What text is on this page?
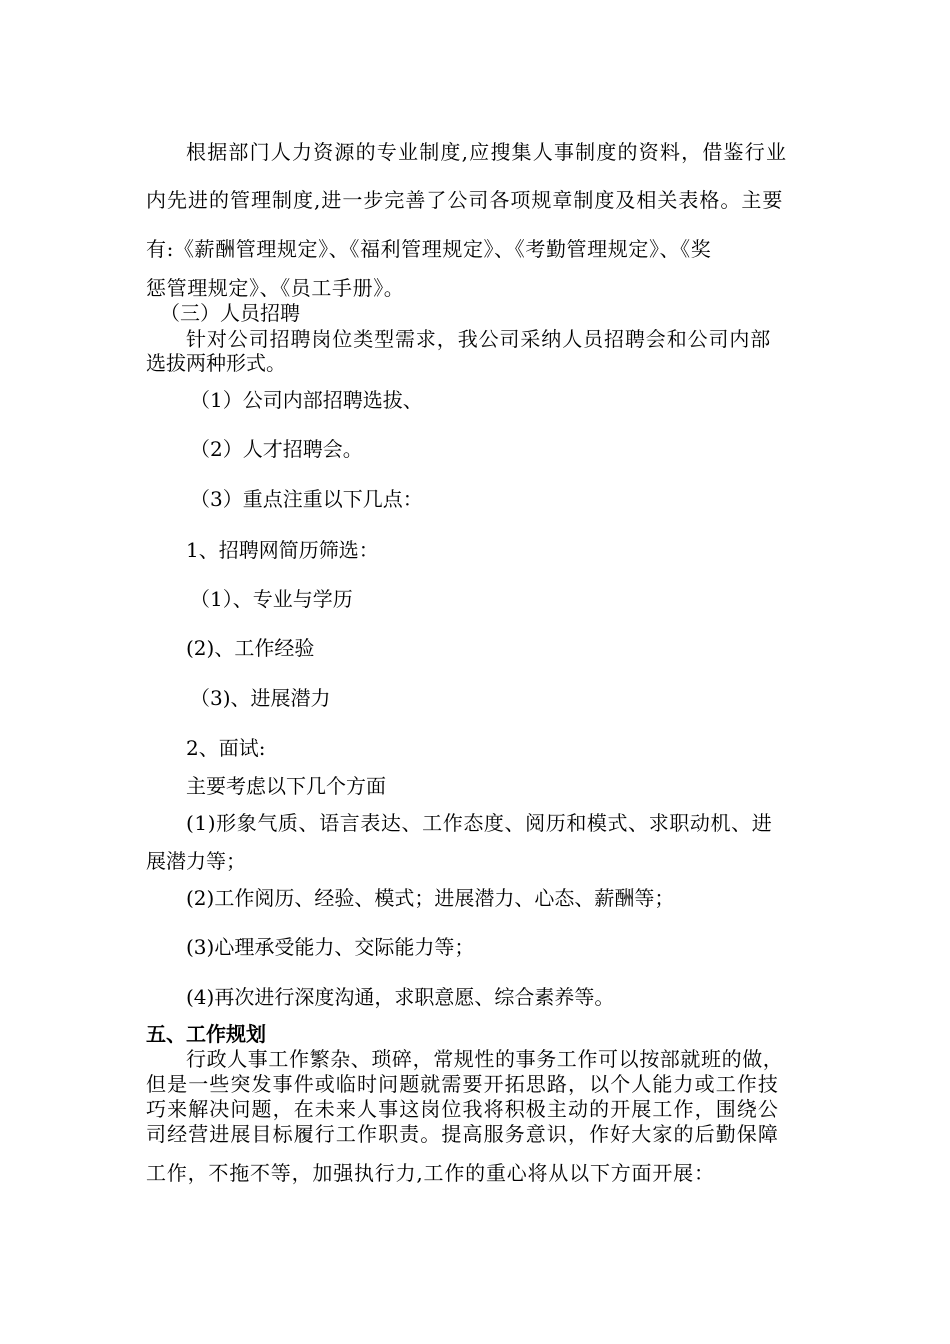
根据部门人力资源的专业制度,应搜集人事制度的资料，借鉴行业
内先进的管理制度,进一步完善了公司各项规章制度及相关表格。主要
有:《薪酬管理规定》、《福利管理规定》、《考勤管理规定》、《奖
惩管理规定》、《员工手册》。
（三）人员招聘
针对公司招聘岗位类型需求，我公司采纳人员招聘会和公司内部
选拔两种形式。
（1）公司内部招聘选拔、
（2）人才招聘会。
（3）重点注重以下几点：
1、招聘网简历筛选：
（1）、专业与学历
(2)、工作经验
（3)、进展潜力
2、面试:
主要考虑以下几个方面
(1)形象气质、语言表达、工作态度、阅历和模式、求职动机、进
展潜力等；
(2)工作阅历、经验、模式；进展潜力、心态、薪酬等；
(3)心理承受能力、交际能力等；
(4)再次进行深度沟通，求职意愿、综合素养等。
五、工作规划
行政人事工作繁杂、琐碎，常规性的事务工作可以按部就班的做，
但是一些突发事件或临时问题就需要开拓思路，以个人能力或工作技
巧来解决问题，在未来人事这岗位我将积极主动的开展工作，围绕公
司经营进展目标履行工作职责。提高服务意识，作好大家的后勤保障
工作，不拖不等，加强执行力,工作的重心将从以下方面开展：
